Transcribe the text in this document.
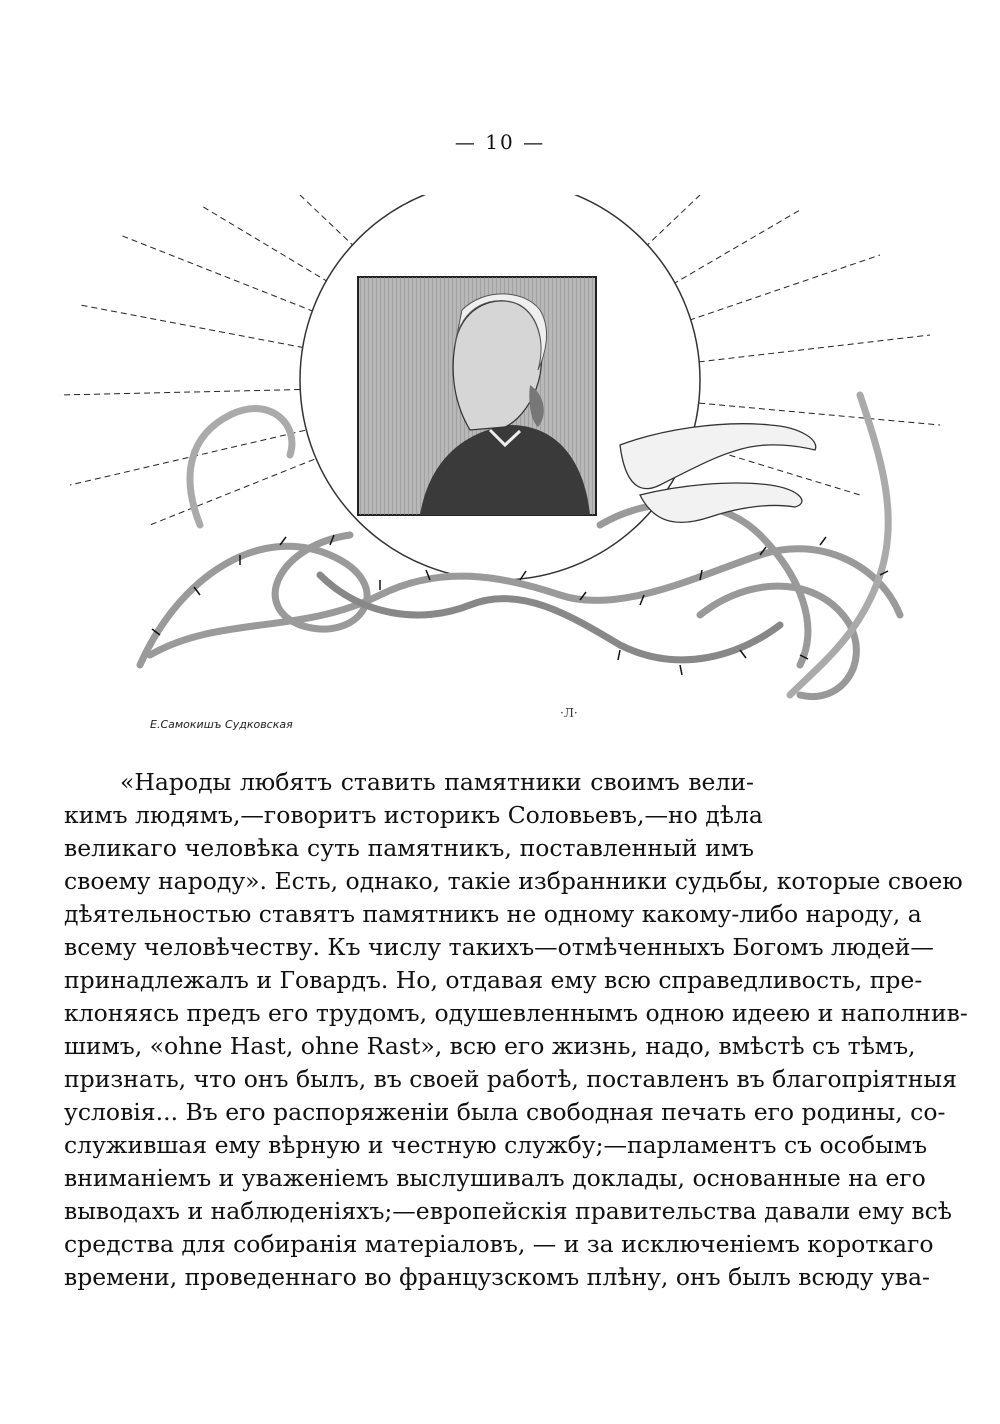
— 10 —
Е.Самокишъ Судковская
·Л·
«Народы любятъ ставить памятники своимъ вели-
кимъ людямъ,—говоритъ историкъ Соловьевъ,—но дѣла
великаго человѣка суть памятникъ, поставленный имъ
своему народу». Есть, однако, такіе избранники судьбы, которые своею
дѣятельностью ставятъ памятникъ не одному какому-либо народу, а
всему человѣчеству. Къ числу такихъ—отмѣченныхъ Богомъ людей—
принадлежалъ и Говардъ. Но, отдавая ему всю справедливость, пре-
клоняясь предъ его трудомъ, одушевленнымъ одною идеею и наполнив-
шимъ, «ohne Hast, ohne Rast», всю его жизнь, надо, вмѣстѣ съ тѣмъ,
признать, что онъ былъ, въ своей работѣ, поставленъ въ благопріятныя
условія... Въ его распоряженіи была свободная печать его родины, со-
служившая ему вѣрную и честную службу;—парламентъ съ особымъ
вниманіемъ и уваженіемъ выслушивалъ доклады, основанные на его
выводахъ и наблюденіяхъ;—европейскія правительства давали ему всѣ
средства для собиранія матеріаловъ, — и за исключеніемъ короткаго
времени, проведеннаго во французскомъ плѣну, онъ былъ всюду ува-
